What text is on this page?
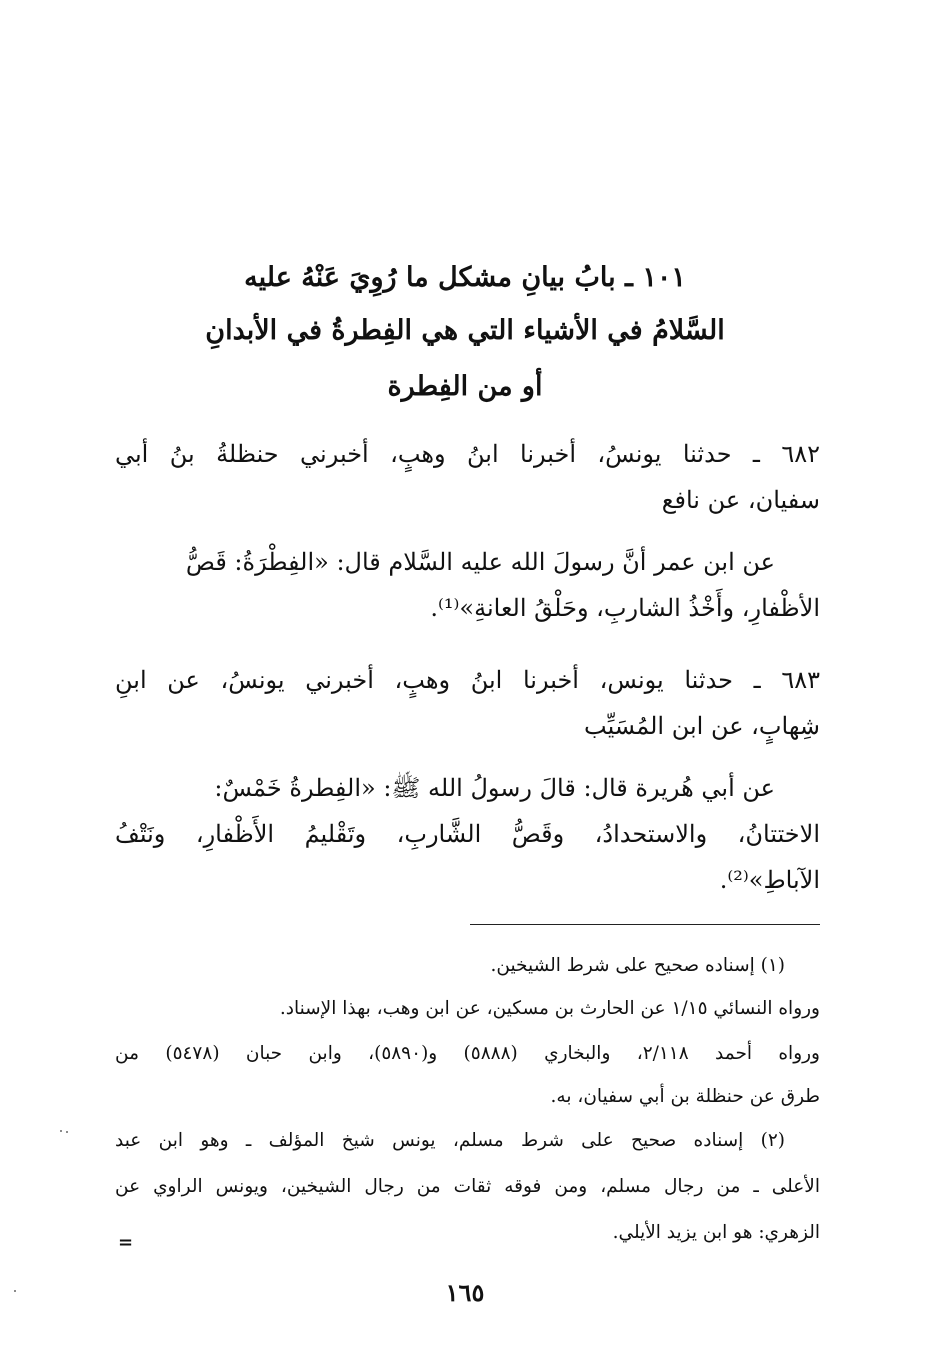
١٠١ ـ بابُ بيانِ مشكل ما رُوِيَ عَنْهُ عليه
السَّلامُ في الأشياء التي هي الفِطرةُ في الأبدانِ
أو من الفِطرة
٦٨٢ ـ حدثنا يونسُ، أخبرنا ابنُ وهبٍ، أخبرني حنظلةُ بنُ أبي
سفيان، عن نافع
عن ابن عمر أنَّ رسولَ الله عليه السَّلام قال: «الفِطْرَةُ: قَصُّ
الأظْفارِ، وأَخْذُ الشاربِ، وحَلْقُ العانةِ»⁽¹⁾.
٦٨٣ ـ حدثنا يونس، أخبرنا ابنُ وهبٍ، أخبرني يونسُ، عن ابنِ
شِهابٍ، عن ابن المُسَيِّب
عن أبي هُريرة قال: قالَ رسولُ الله ﷺ: «الفِطرةُ خَمْسٌ:
الاختتانُ، والاستحدادُ، وقَصُّ الشَّاربِ، وتَقْليمُ الأَظْفارِ، ونَتْفُ
الآباطِ»⁽²⁾.
(١) إسناده صحيح على شرط الشيخين.
ورواه النسائي ١/١٥ عن الحارث بن مسكين، عن ابن وهب، بهذا الإسناد.
ورواه أحمد ٢/١١٨، والبخاري (٥٨٨٨) و(٥٨٩٠)، وابن حبان (٥٤٧٨) من
طرق عن حنظلة بن أبي سفيان، به.
(٢) إسناده صحيح على شرط مسلم، يونس شيخ المؤلف ـ وهو ابن عبد
الأعلى ـ من رجال مسلم، ومن فوقه ثقات من رجال الشيخين، ويونس الراوي عن
الزهري: هو ابن يزيد الأيلي.
=
١٦٥
